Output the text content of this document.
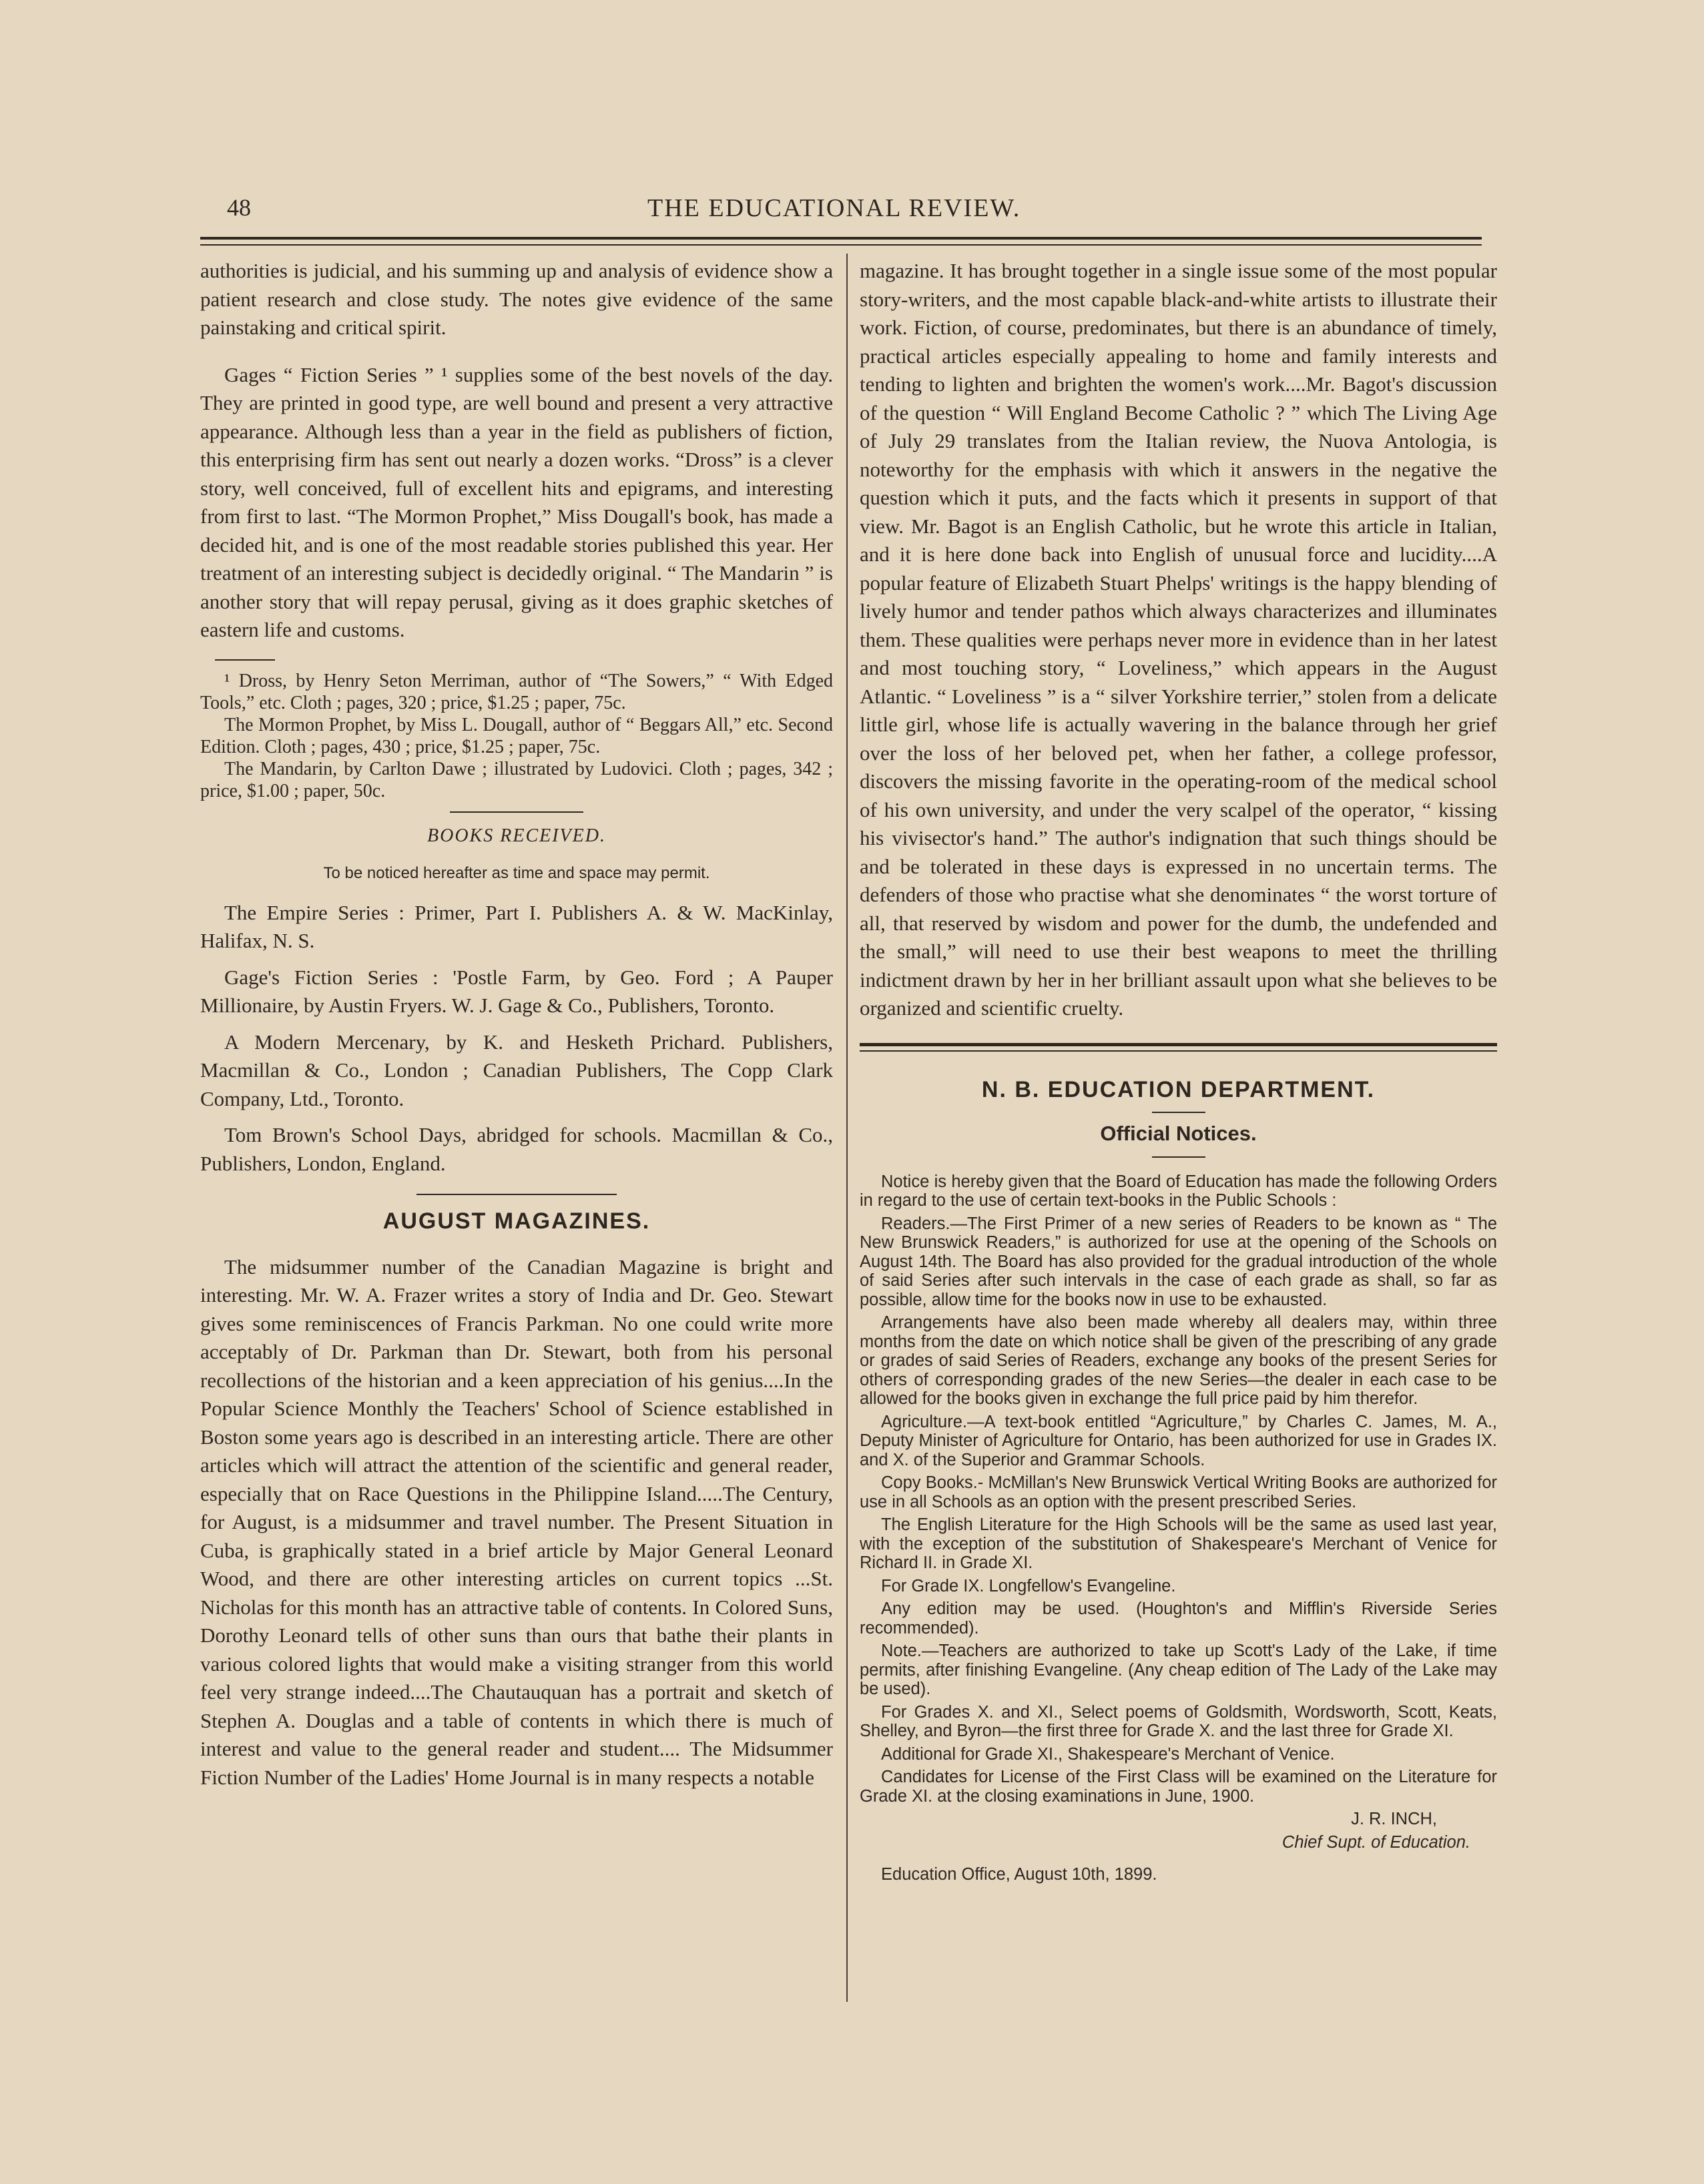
48	THE EDUCATIONAL REVIEW.

authorities is judicial, and his summing up and analysis of evidence show a patient research and close study. The notes give evidence of the same painstaking and critical spirit.

Gages “ Fiction Series ” ¹ supplies some of the best novels of the day. They are printed in good type, are well bound and present a very attractive appearance. Although less than a year in the field as publishers of fiction, this enterprising firm has sent out nearly a dozen works. “Dross” is a clever story, well conceived, full of excellent hits and epigrams, and interesting from first to last. “The Mormon Prophet,” Miss Dougall's book, has made a decided hit, and is one of the most readable stories published this year. Her treatment of an interesting subject is decidedly original. “ The Mandarin ” is another story that will repay perusal, giving as it does graphic sketches of eastern life and customs.

¹ Dross, by Henry Seton Merriman, author of “The Sowers,” “ With Edged Tools,” etc. Cloth ; pages, 320 ; price, $1.25 ; paper, 75c.

The Mormon Prophet, by Miss L. Dougall, author of “ Beggars All,” etc. Second Edition. Cloth ; pages, 430 ; price, $1.25 ; paper, 75c.

The Mandarin, by Carlton Dawe ; illustrated by Ludovici. Cloth ; pages, 342 ; price, $1.00 ; paper, 50c.

BOOKS RECEIVED.
To be noticed hereafter as time and space may permit.

The Empire Series : Primer, Part I. Publishers A. & W. MacKinlay, Halifax, N. S.

Gage's Fiction Series : 'Postle Farm, by Geo. Ford ; A Pauper Millionaire, by Austin Fryers. W. J. Gage & Co., Publishers, Toronto.

A Modern Mercenary, by K. and Hesketh Prichard. Publishers, Macmillan & Co., London ; Canadian Publishers, The Copp Clark Company, Ltd., Toronto.

Tom Brown's School Days, abridged for schools. Macmillan & Co., Publishers, London, England.

AUGUST MAGAZINES.

The midsummer number of the Canadian Magazine is bright and interesting. Mr. W. A. Frazer writes a story of India and Dr. Geo. Stewart gives some reminiscences of Francis Parkman. No one could write more acceptably of Dr. Parkman than Dr. Stewart, both from his personal recollections of the historian and a keen appreciation of his genius....In the Popular Science Monthly the Teachers' School of Science established in Boston some years ago is described in an interesting article. There are other articles which will attract the attention of the scientific and general reader, especially that on Race Questions in the Philippine Island.....The Century, for August, is a midsummer and travel number. The Present Situation in Cuba, is graphically stated in a brief article by Major General Leonard Wood, and there are other interesting articles on current topics ...St. Nicholas for this month has an attractive table of contents. In Colored Suns, Dorothy Leonard tells of other suns than ours that bathe their plants in various colored lights that would make a visiting stranger from this world feel very strange indeed....The Chautauquan has a portrait and sketch of Stephen A. Douglas and a table of contents in which there is much of interest and value to the general reader and student.... The Midsummer Fiction Number of the Ladies' Home Journal is in many respects a notable

magazine. It has brought together in a single issue some of the most popular story-writers, and the most capable black-and-white artists to illustrate their work. Fiction, of course, predominates, but there is an abundance of timely, practical articles especially appealing to home and family interests and tending to lighten and brighten the women's work....Mr. Bagot's discussion of the question “ Will England Become Catholic ? ” which The Living Age of July 29 translates from the Italian review, the Nuova Antologia, is noteworthy for the emphasis with which it answers in the negative the question which it puts, and the facts which it presents in support of that view. Mr. Bagot is an English Catholic, but he wrote this article in Italian, and it is here done back into English of unusual force and lucidity....A popular feature of Elizabeth Stuart Phelps' writings is the happy blending of lively humor and tender pathos which always characterizes and illuminates them. These qualities were perhaps never more in evidence than in her latest and most touching story, “ Loveliness,” which appears in the August Atlantic. “ Loveliness ” is a “ silver Yorkshire terrier,” stolen from a delicate little girl, whose life is actually wavering in the balance through her grief over the loss of her beloved pet, when her father, a college professor, discovers the missing favorite in the operating-room of the medical school of his own university, and under the very scalpel of the operator, “ kissing his vivisector's hand.” The author's indignation that such things should be and be tolerated in these days is expressed in no uncertain terms. The defenders of those who practise what she denominates “ the worst torture of all, that reserved by wisdom and power for the dumb, the undefended and the small,” will need to use their best weapons to meet the thrilling indictment drawn by her in her brilliant assault upon what she believes to be organized and scientific cruelty.

N. B. EDUCATION DEPARTMENT.
Official Notices.

Notice is hereby given that the Board of Education has made the following Orders in regard to the use of certain text-books in the Public Schools :

Readers.—The First Primer of a new series of Readers to be known as “ The New Brunswick Readers,” is authorized for use at the opening of the Schools on August 14th. The Board has also provided for the gradual introduction of the whole of said Series after such intervals in the case of each grade as shall, so far as possible, allow time for the books now in use to be exhausted.

Arrangements have also been made whereby all dealers may, within three months from the date on which notice shall be given of the prescribing of any grade or grades of said Series of Readers, exchange any books of the present Series for others of corresponding grades of the new Series—the dealer in each case to be allowed for the books given in exchange the full price paid by him therefor.

Agriculture.—A text-book entitled “Agriculture,” by Charles C. James, M. A., Deputy Minister of Agriculture for Ontario, has been authorized for use in Grades IX. and X. of the Superior and Grammar Schools.

Copy Books.- McMillan's New Brunswick Vertical Writing Books are authorized for use in all Schools as an option with the present prescribed Series.

The English Literature for the High Schools will be the same as used last year, with the exception of the substitution of Shakespeare's Merchant of Venice for Richard II. in Grade XI.

For Grade IX. Longfellow's Evangeline.

Any edition may be used. (Houghton's and Mifflin's Riverside Series recommended).

Note.—Teachers are authorized to take up Scott's Lady of the Lake, if time permits, after finishing Evangeline. (Any cheap edition of The Lady of the Lake may be used).

For Grades X. and XI., Select poems of Goldsmith, Wordsworth, Scott, Keats, Shelley, and Byron—the first three for Grade X. and the last three for Grade XI.

Additional for Grade XI., Shakespeare's Merchant of Venice.

Candidates for License of the First Class will be examined on the Literature for Grade XI. at the closing examinations in June, 1900.

J. R. INCH,

Chief Supt. of Education.

Education Office, August 10th, 1899.
